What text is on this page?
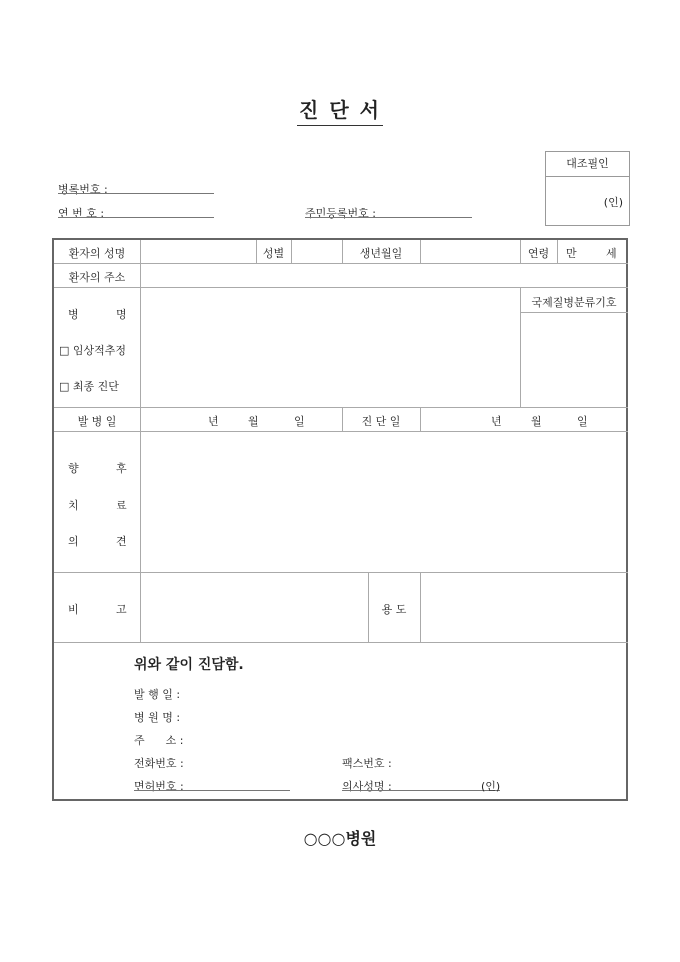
진 단 서
병록번호 :
연 번 호 :	주민등록번호 :
대조필인
(인)
환자의 성명	성별	생년월일	연령	만	세
환자의 주소
병	명
□ 임상적추정
□ 최종 진단
국제질병분류기호
발 병 일	년	월	일	진 단 일	년	월	일
향	후
치	료
의	견
비	고	용 도
위와 같이 진담함.
발 행 일 :
병 원 명 :
주      소 :
전화번호 :	팩스번호 :
면허번호 :	의사성명 :	(인)
○○○병원
